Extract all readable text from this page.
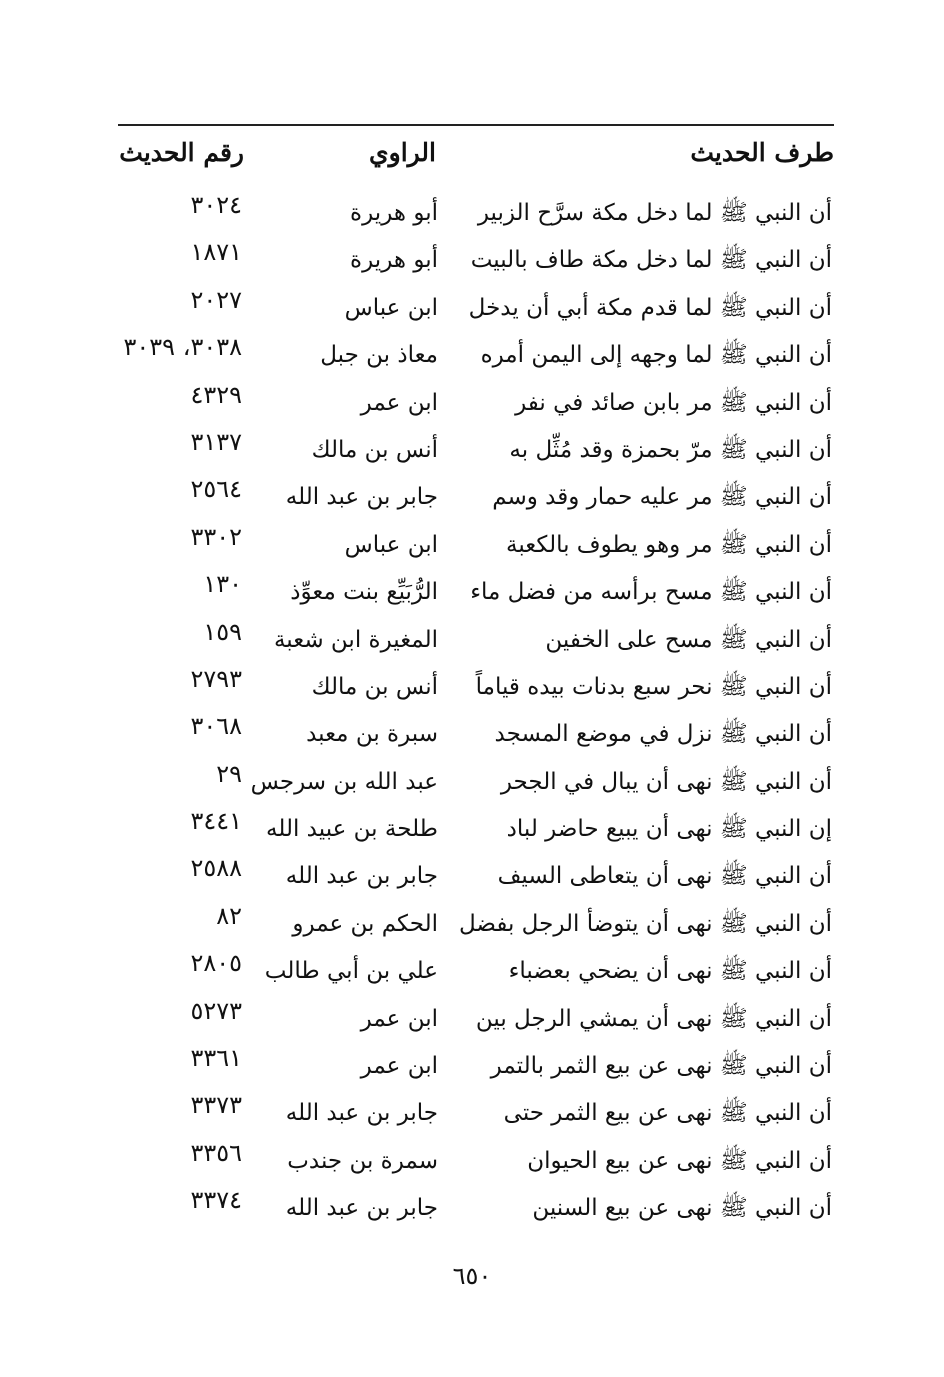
طرف الحديث
الراوي
رقم الحديث
أن النبي ﷺ لما دخل مكة سرَّح الزبير
أبو هريرة
٣٠٢٤
أن النبي ﷺ لما دخل مكة طاف بالبيت
أبو هريرة
١٨٧١
أن النبي ﷺ لما قدم مكة أبي أن يدخل
ابن عباس
٢٠٢٧
أن النبي ﷺ لما وجهه إلى اليمن أمره
معاذ بن جبل
٣٠٣٨، ٣٠٣٩
أن النبي ﷺ مر بابن صائد في نفر
ابن عمر
٤٣٢٩
أن النبي ﷺ مرّ بحمزة وقد مُثِّل به
أنس بن مالك
٣١٣٧
أن النبي ﷺ مر عليه حمار وقد وسم
جابر بن عبد الله
٢٥٦٤
أن النبي ﷺ مر وهو يطوف بالكعبة
ابن عباس
٣٣٠٢
أن النبي ﷺ مسح برأسه من فضل ماء
الرُّبَيِّع بنت معوِّذ
١٣٠
أن النبي ﷺ مسح على الخفين
المغيرة ابن شعبة
١٥٩
أن النبي ﷺ نحر سبع بدنات بيده قياماً
أنس بن مالك
٢٧٩٣
أن النبي ﷺ نزل في موضع المسجد
سبرة بن معبد
٣٠٦٨
أن النبي ﷺ نهى أن يبال في الجحر
عبد الله بن سرجس
٢٩
إن النبي ﷺ نهى أن يبيع حاضر لباد
طلحة بن عبيد الله
٣٤٤١
أن النبي ﷺ نهى أن يتعاطى السيف
جابر بن عبد الله
٢٥٨٨
أن النبي ﷺ نهى أن يتوضأ الرجل بفضل
الحكم بن عمرو
٨٢
أن النبي ﷺ نهى أن يضحي بعضباء
علي بن أبي طالب
٢٨٠٥
أن النبي ﷺ نهى أن يمشي الرجل بين
ابن عمر
٥٢٧٣
أن النبي ﷺ نهى عن بيع الثمر بالتمر
ابن عمر
٣٣٦١
أن النبي ﷺ نهى عن بيع الثمر حتى
جابر بن عبد الله
٣٣٧٣
أن النبي ﷺ نهى عن بيع الحيوان
سمرة بن جندب
٣٣٥٦
أن النبي ﷺ نهى عن بيع السنين
جابر بن عبد الله
٣٣٧٤
٦٥٠
